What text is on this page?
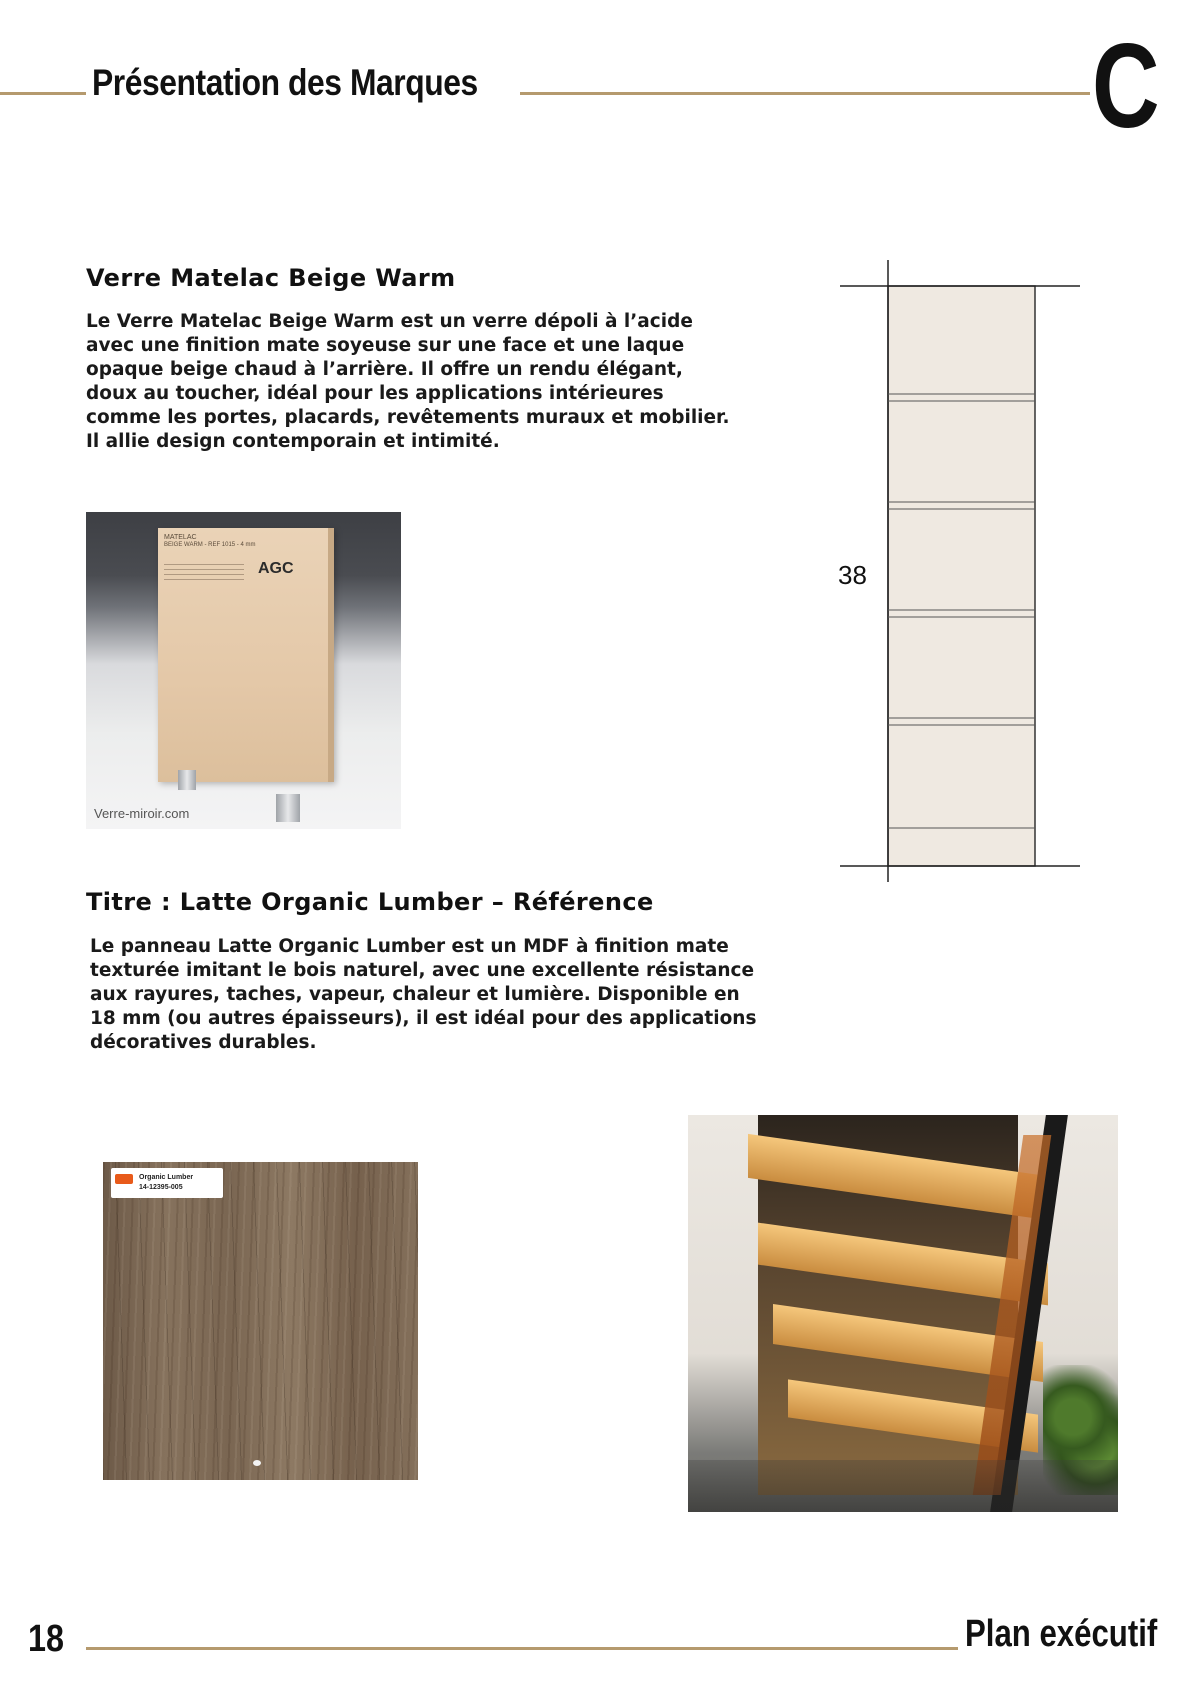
Présentation des Marques	C
Verre Matelac Beige Warm
Le Verre Matelac Beige Warm est un verre dépoli à l’acide avec une finition mate soyeuse sur une face et une laque opaque beige chaud à l’arrière. Il offre un rendu élégant, doux au toucher, idéal pour les applications intérieures comme les portes, placards, revêtements muraux et mobilier. Il allie design contemporain et intimité.
MATELAC
BEIGE WARM - REF 1015 - 4 mm
AGC
Verre-miroir.com
38
Titre : Latte Organic Lumber – Référence
Le panneau Latte Organic Lumber est un MDF à finition mate texturée imitant le bois naturel, avec une excellente résistance aux rayures, taches, vapeur, chaleur et lumière. Disponible en 18 mm (ou autres épaisseurs), il est idéal pour des applications décoratives durables.
Organic Lumber
14-12395-005
18	Plan exécutif
